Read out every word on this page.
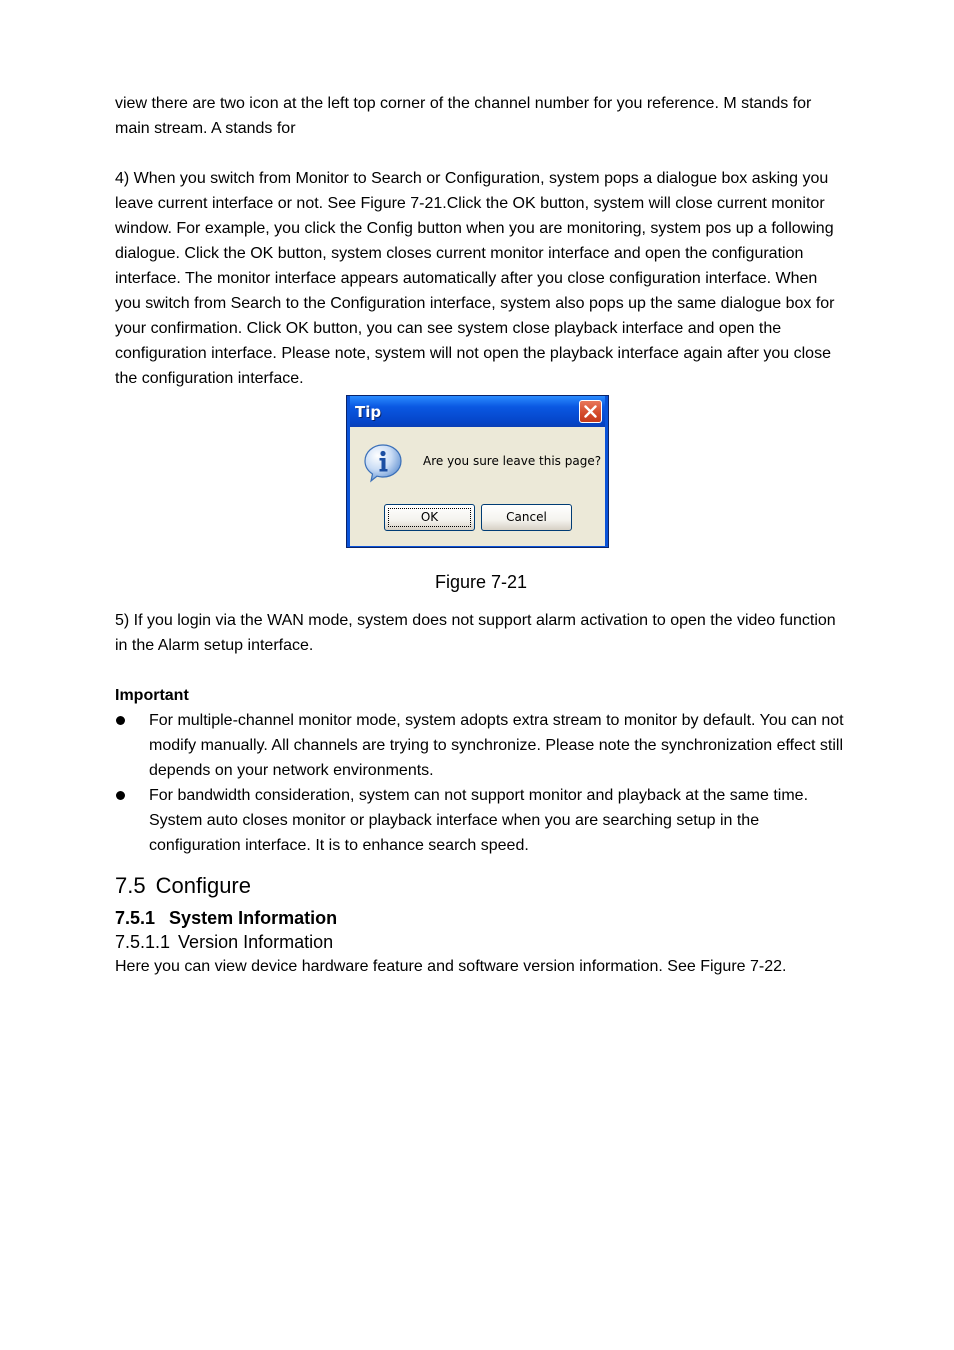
view there are two icon at the left top corner of the channel number for you reference. M stands for main stream. A stands for

4) When you switch from Monitor to Search or Configuration, system pops a dialogue box asking you leave current interface or not. See Figure 7-21.Click the OK button, system will close current monitor window. For example, you click the Config button when you are monitoring, system pos up a following dialogue. Click the OK button, system closes current monitor interface and open the configuration interface. The monitor interface appears automatically after you close configuration interface. When you switch from Search to the Configuration interface, system also pops up the same dialogue box for your confirmation. Click OK button, you can see system close playback interface and open the configuration interface. Please note, system will not open the playback interface again after you close the configuration interface.

Tip
Are you sure leave this page?
OK	Cancel

Figure 7-21

5) If you login via the WAN mode, system does not support alarm activation to open the video function in the Alarm setup interface.

Important

For multiple-channel monitor mode, system adopts extra stream to monitor by default. You can not modify manually. All channels are trying to synchronize. Please note the synchronization effect still depends on your network environments.
For bandwidth consideration, system can not support monitor and playback at the same time. System auto closes monitor or playback interface when you are searching setup in the configuration interface. It is to enhance search speed.
7.5 Configure
7.5.1 System Information
7.5.1.1 Version Information

Here you can view device hardware feature and software version information. See Figure 7-22.
